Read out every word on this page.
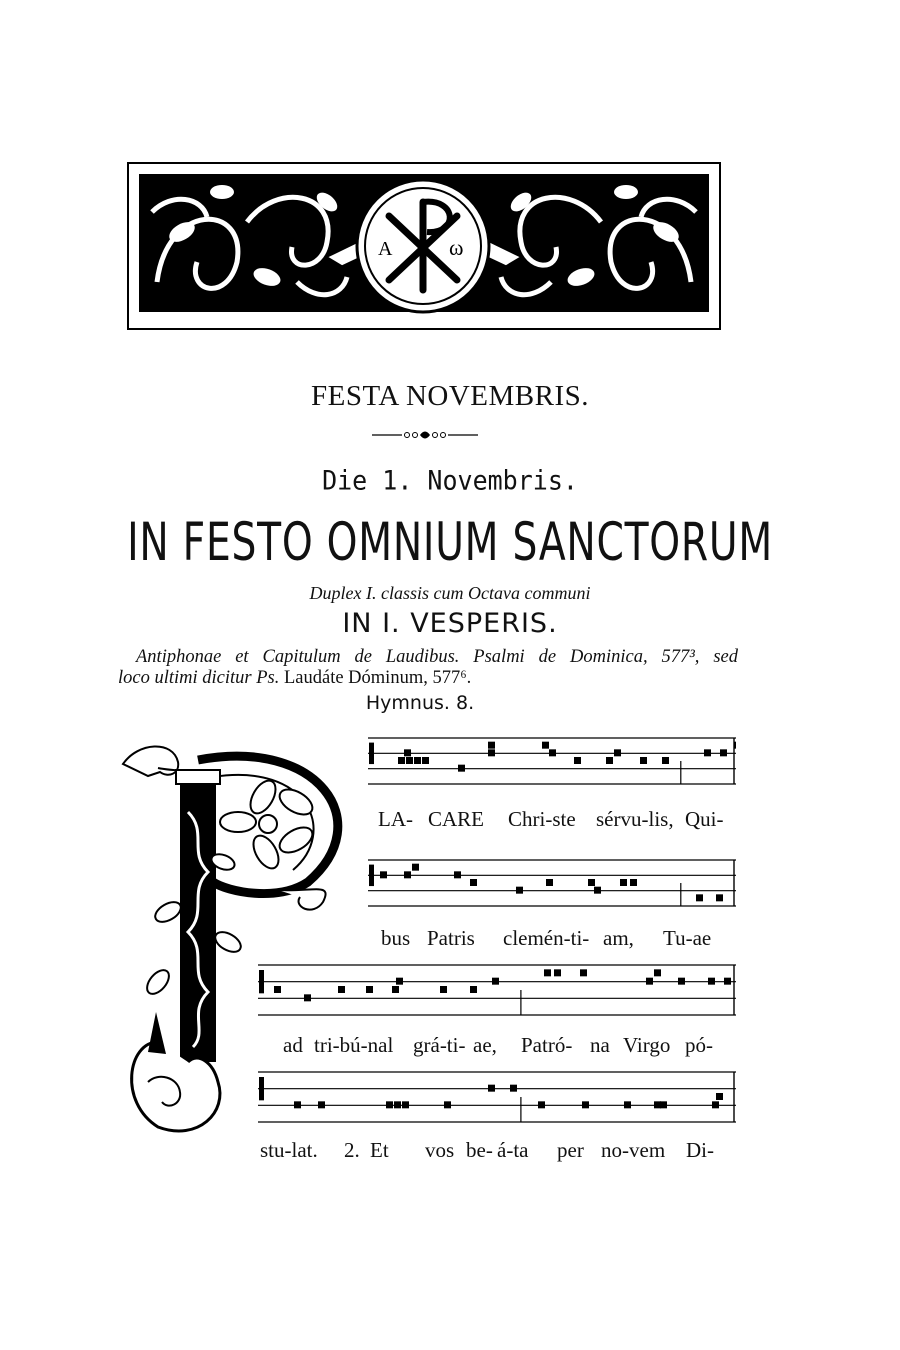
A	ω
FESTA NOVEMBRIS.
Die 1. Novembris.
IN FESTO OMNIUM SANCTORUM
Duplex I. classis cum Octava communi
IN I. VESPERIS.
Antiphonae et Capitulum de Laudibus. Psalmi de Dominica, 577³, sed
loco ultimi dicitur Ps. Laudáte Dóminum, 577⁶.
Hymnus. 8.
LA- CARE Chri-ste sérvu-lis, Qui-
bus Patris clemén-ti- am, Tu-ae
ad tri-bú-nal grá-ti- ae, Patró- na Virgo pó-
stu-lat. 2. Et vos be- á-ta per no-vem Di-
